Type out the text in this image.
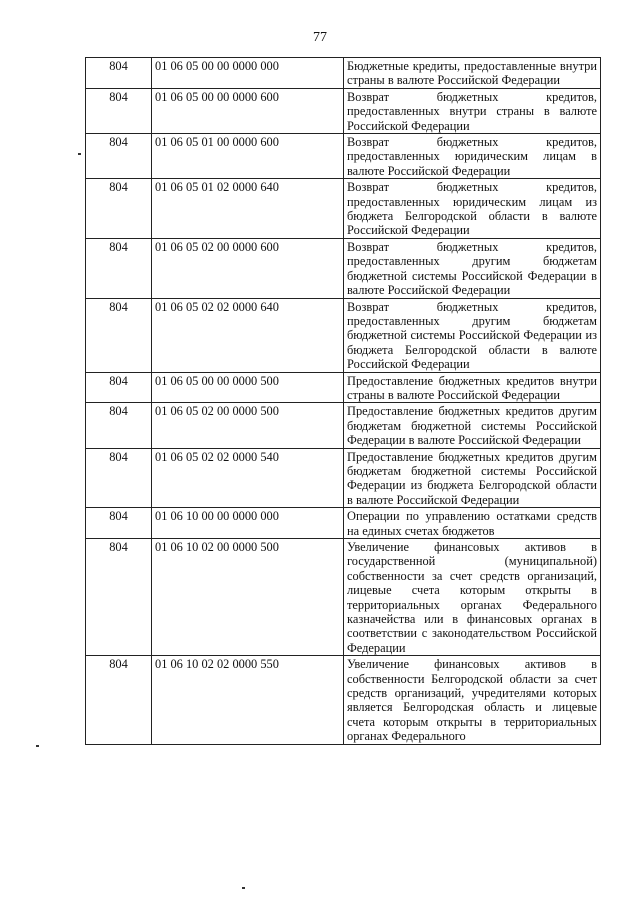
77
804	01 06 05 00 00 0000 000	Бюджетные кредиты, предоставленные внутри страны в валюте Российской Федерации
804	01 06 05 00 00 0000 600	Возврат бюджетных кредитов, предоставленных внутри страны в валюте Российской Федерации
804	01 06 05 01 00 0000 600	Возврат бюджетных кредитов, предоставленных юридическим лицам в валюте Российской Федерации
804	01 06 05 01 02 0000 640	Возврат бюджетных кредитов, предоставленных юридическим лицам из бюджета Белгородской области в валюте Российской Федерации
804	01 06 05 02 00 0000 600	Возврат бюджетных кредитов, предоставленных другим бюджетам бюджетной системы Российской Федерации в валюте Российской Федерации
804	01 06 05 02 02 0000 640	Возврат бюджетных кредитов, предоставленных другим бюджетам бюджетной системы Российской Федерации из бюджета Белгородской области в валюте Российской Федерации
804	01 06 05 00 00 0000 500	Предоставление бюджетных кредитов внутри страны в валюте Российской Федерации
804	01 06 05 02 00 0000 500	Предоставление бюджетных кредитов другим бюджетам бюджетной системы Российской Федерации в валюте Российской Федерации
804	01 06 05 02 02 0000 540	Предоставление бюджетных кредитов другим бюджетам бюджетной системы Российской Федерации из бюджета Белгородской области в валюте Российской Федерации
804	01 06 10 00 00 0000 000	Операции по управлению остатками средств на единых счетах бюджетов
804	01 06 10 02 00 0000 500	Увеличение финансовых активов в государственной (муниципальной) собственности за счет средств организаций, лицевые счета которым открыты в территориальных органах Федерального казначейства или в финансовых органах в соответствии с законодательством Российской Федерации
804	01 06 10 02 02 0000 550	Увеличение финансовых активов в собственности Белгородской области за счет средств организаций, учредителями которых является Белгородская область и лицевые счета которым открыты в территориальных органах Федерального
